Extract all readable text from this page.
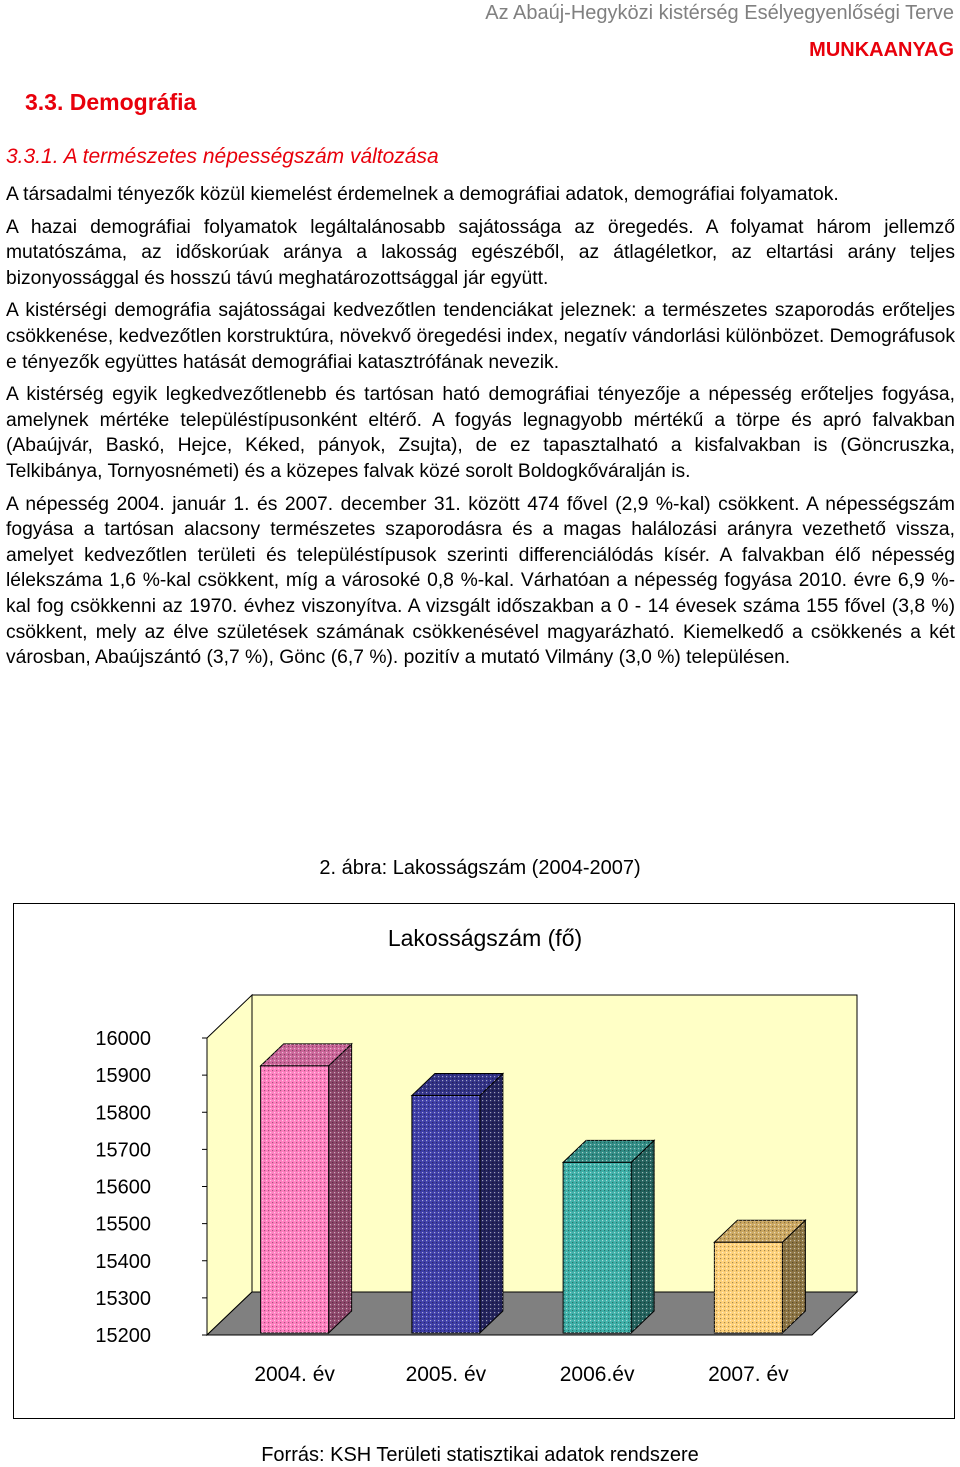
Az Abaúj-Hegyközi kistérség Esélyegyenlőségi Terve
MUNKAANYAG
3.3. Demográfia
3.3.1. A természetes népességszám változása

A társadalmi tényezők közül kiemelést érdemelnek a demográfiai adatok, demográfiai folyamatok.

A hazai demográfiai folyamatok legáltalánosabb sajátossága az öregedés. A folyamat három jellemző mutatószáma, az időskorúak aránya a lakosság egészéből, az átlagéletkor, az eltartási arány teljes bizonyossággal és hosszú távú meghatározottsággal jár együtt.

A kistérségi demográfia sajátosságai kedvezőtlen tendenciákat jeleznek: a természetes szaporodás erőteljes csökkenése, kedvezőtlen korstruktúra, növekvő öregedési index, negatív vándorlási különbözet. Demográfusok e tényezők együttes hatását demográfiai katasztrófának nevezik.

A kistérség egyik legkedvezőtlenebb és tartósan ható demográfiai tényezője a népesség erőteljes fogyása, amelynek mértéke településtípusonként eltérő. A fogyás legnagyobb mértékű a törpe és apró falvakban (Abaújvár, Baskó, Hejce, Kéked, pányok, Zsujta), de ez tapasztalható a kisfalvakban is (Göncruszka, Telkibánya, Tornyosnémeti) és a közepes falvak közé sorolt Boldogkőváralján is.

A népesség 2004. január 1. és 2007. december 31. között 474 fővel (2,9 %-kal) csökkent. A népességszám fogyása a tartósan alacsony természetes szaporodásra és a magas halálozási arányra vezethető vissza, amelyet kedvezőtlen területi és településtípusok szerinti differenciálódás kísér. A falvakban élő népesség lélekszáma 1,6 %-kal csökkent, míg a városoké 0,8 %-kal. Várhatóan a népesség fogyása 2010. évre 6,9 %-kal fog csökkenni az 1970. évhez viszonyítva. A vizsgált időszakban a 0 - 14 évesek száma 155 fővel (3,8 %) csökkent, mely az élve születések számának csökkenésével magyarázható. Kiemelkedő a csökkenés a két városban, Abaújszántó (3,7 %), Gönc (6,7 %). pozitív a mutató Vilmány (3,0 %) településen.

2. ábra: Lakosságszám (2004-2007)
Lakosságszám (fő)
15200
15300
15400
15500
15600
15700
15800
15900
16000
2004. év	2005. év	2006.év	2007. év
Forrás: KSH Területi statisztikai adatok rendszere
